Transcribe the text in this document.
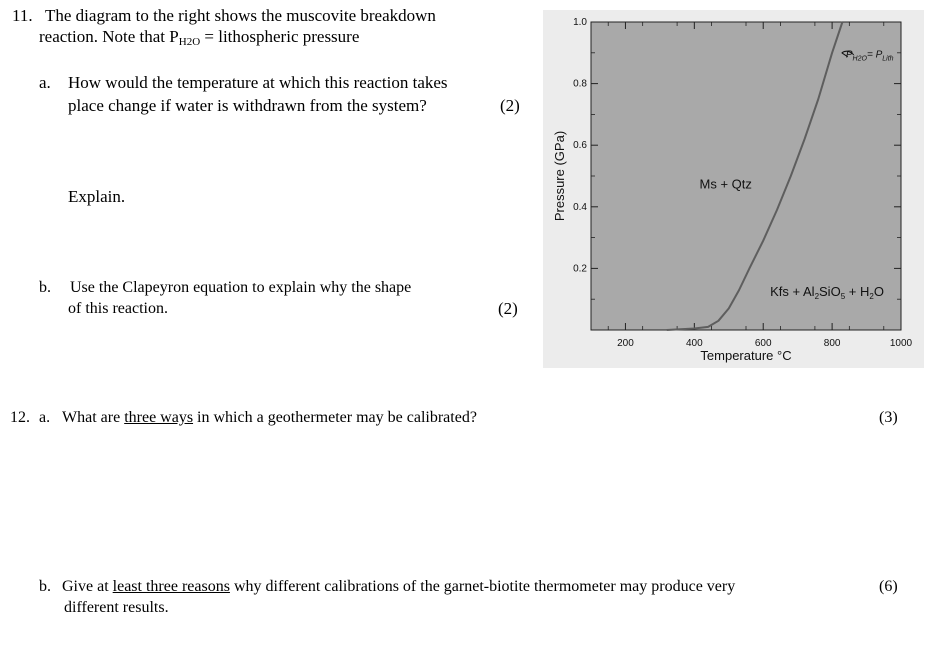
11. The diagram to the right shows the muscovite breakdown
reaction. Note that $P_{H2O}$ = lithospheric pressure
a. How would the temperature at which this reaction takes
place change if water is withdrawn from the system?	(2)
Explain.
b. Use the Clapeyron equation to explain why the shape
of this reaction.	(2)
200	400	600	800	1000
0.2
0.4
0.6
0.8
1.0
Temperature °C
Pressure (GPa)	Ms + Qtz
Kfs + $Al_2SiO_5 + H_2O$
$P_{H2O}= P_{Lith}$
12. a. What are three ways in which a geothermeter may be calibrated?	(3)
b. Give at least three reasons why different calibrations of the garnet-biotite thermometer may produce very
different results.
(6)
